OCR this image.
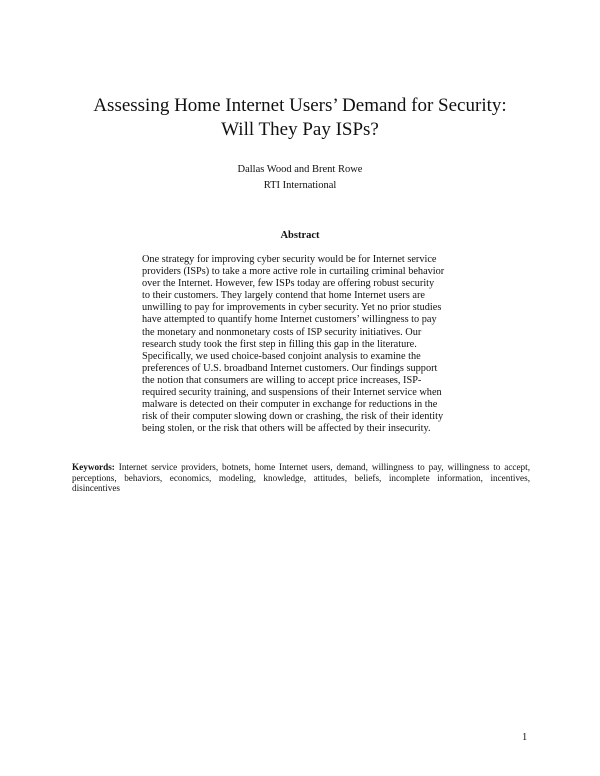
Assessing Home Internet Users’ Demand for Security:
Will They Pay ISPs?
Dallas Wood and Brent Rowe
RTI International
Abstract
One strategy for improving cyber security would be for Internet service
providers (ISPs) to take a more active role in curtailing criminal behavior
over the Internet. However, few ISPs today are offering robust security
to their customers. They largely contend that home Internet users are
unwilling to pay for improvements in cyber security. Yet no prior studies
have attempted to quantify home Internet customers’ willingness to pay
the monetary and nonmonetary costs of ISP security initiatives. Our
research study took the first step in filling this gap in the literature.
Specifically, we used choice-based conjoint analysis to examine the
preferences of U.S. broadband Internet customers. Our findings support
the notion that consumers are willing to accept price increases, ISP-
required security training, and suspensions of their Internet service when
malware is detected on their computer in exchange for reductions in the
risk of their computer slowing down or crashing, the risk of their identity
being stolen, or the risk that others will be affected by their insecurity.
Keywords: Internet service providers, botnets, home Internet users, demand, willingness to pay, willingness to accept, perceptions, behaviors, economics, modeling, knowledge, attitudes, beliefs, incomplete information, incentives, disincentives
1
